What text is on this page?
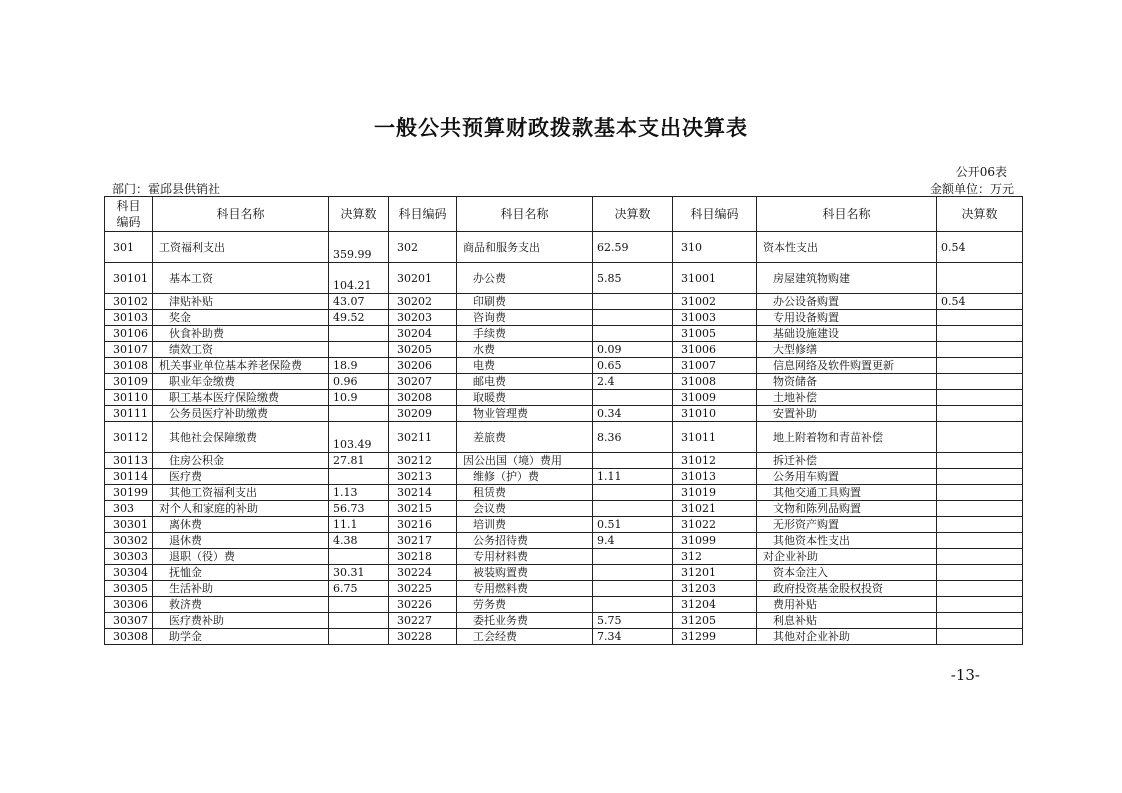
一般公共预算财政拨款基本支出决算表
公开06表
部门：霍邱县供销社	金额单位：万元
科目
编码	科目名称	决算数	科目编码	科目名称	决算数	科目编码	科目名称	决算数
301	工资福利支出	359.99	302	商品和服务支出	62.59	310	资本性支出	0.54
30101	基本工资	104.21	30201	办公费	5.85	31001	房屋建筑物购建	
30102	津贴补贴	43.07	30202	印刷费		31002	办公设备购置	0.54
30103	奖金	49.52	30203	咨询费		31003	专用设备购置	
30106	伙食补助费		30204	手续费		31005	基础设施建设	
30107	绩效工资		30205	水费	0.09	31006	大型修缮	
30108	机关事业单位基本养老保险费	18.9	30206	电费	0.65	31007	信息网络及软件购置更新	
30109	职业年金缴费	0.96	30207	邮电费	2.4	31008	物资储备	
30110	职工基本医疗保险缴费	10.9	30208	取暖费		31009	土地补偿	
30111	公务员医疗补助缴费		30209	物业管理费	0.34	31010	安置补助	
30112	其他社会保障缴费	103.49	30211	差旅费	8.36	31011	地上附着物和青苗补偿	
30113	住房公积金	27.81	30212	因公出国（境）费用		31012	拆迁补偿	
30114	医疗费		30213	维修（护）费	1.11	31013	公务用车购置	
30199	其他工资福利支出	1.13	30214	租赁费		31019	其他交通工具购置	
303	对个人和家庭的补助	56.73	30215	会议费		31021	文物和陈列品购置	
30301	离休费	11.1	30216	培训费	0.51	31022	无形资产购置	
30302	退休费	4.38	30217	公务招待费	9.4	31099	其他资本性支出	
30303	退职（役）费		30218	专用材料费		312	对企业补助	
30304	抚恤金	30.31	30224	被装购置费		31201	资本金注入	
30305	生活补助	6.75	30225	专用燃料费		31203	政府投资基金股权投资	
30306	救济费		30226	劳务费		31204	费用补贴	
30307	医疗费补助		30227	委托业务费	5.75	31205	利息补贴	
30308	助学金		30228	工会经费	7.34	31299	其他对企业补助	
-13-
